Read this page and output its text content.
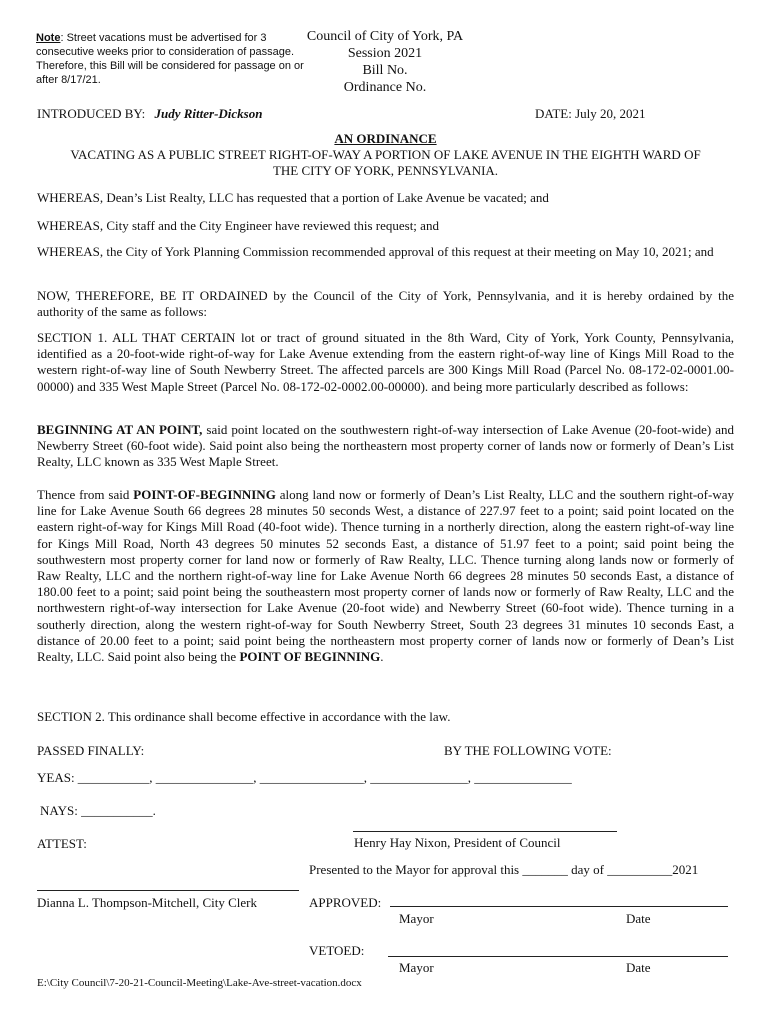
Note: Street vacations must be advertised for 3 consecutive weeks prior to consideration of passage. Therefore, this Bill will be considered for passage on or after 8/17/21.
Council of City of York, PA
Session 2021
Bill No.
Ordinance No.
INTRODUCED BY: Judy Ritter-Dickson	DATE: July 20, 2021
AN ORDINANCE
VACATING AS A PUBLIC STREET RIGHT-OF-WAY A PORTION OF LAKE AVENUE IN THE EIGHTH WARD OF THE CITY OF YORK, PENNSYLVANIA.
WHEREAS, Dean’s List Realty, LLC has requested that a portion of Lake Avenue be vacated; and
WHEREAS, City staff and the City Engineer have reviewed this request; and
WHEREAS, the City of York Planning Commission recommended approval of this request at their meeting on May 10, 2021; and
NOW, THEREFORE, BE IT ORDAINED by the Council of the City of York, Pennsylvania, and it is hereby ordained by the authority of the same as follows:
SECTION 1. ALL THAT CERTAIN lot or tract of ground situated in the 8th Ward, City of York, York County, Pennsylvania, identified as a 20-foot-wide right-of-way for Lake Avenue extending from the eastern right-of-way line of Kings Mill Road to the western right-of-way line of South Newberry Street. The affected parcels are 300 Kings Mill Road (Parcel No. 08-172-02-0001.00-00000) and 335 West Maple Street (Parcel No. 08-172-02-0002.00-00000). and being more particularly described as follows:
BEGINNING AT AN POINT, said point located on the southwestern right-of-way intersection of Lake Avenue (20-foot-wide) and Newberry Street (60-foot wide). Said point also being the northeastern most property corner of lands now or formerly of Dean’s List Realty, LLC known as 335 West Maple Street.
Thence from said POINT-OF-BEGINNING along land now or formerly of Dean’s List Realty, LLC and the southern right-of-way line for Lake Avenue South 66 degrees 28 minutes 50 seconds West, a distance of 227.97 feet to a point; said point located on the eastern right-of-way for Kings Mill Road (40-foot wide). Thence turning in a northerly direction, along the eastern right-of-way line for Kings Mill Road, North 43 degrees 50 minutes 52 seconds East, a distance of 51.97 feet to a point; said point being the southwestern most property corner for land now or formerly of Raw Realty, LLC. Thence turning along lands now or formerly of Raw Realty, LLC and the northern right-of-way line for Lake Avenue North 66 degrees 28 minutes 50 seconds East, a distance of 180.00 feet to a point; said point being the southeastern most property corner of lands now or formerly of Raw Realty, LLC and the northwestern right-of-way intersection for Lake Avenue (20-foot wide) and Newberry Street (60-foot wide). Thence turning in a southerly direction, along the western right-of-way for South Newberry Street, South 23 degrees 31 minutes 10 seconds East, a distance of 20.00 feet to a point; said point being the northeastern most property corner of lands now or formerly of Dean’s List Realty, LLC. Said point also being the POINT OF BEGINNING.
SECTION 2. This ordinance shall become effective in accordance with the law.
PASSED FINALLY:	BY THE FOLLOWING VOTE:
YEAS: ___________, _______________, ________________, _______________, _______________
NAYS: ___________.
ATTEST:	Henry Hay Nixon, President of Council
Presented to the Mayor for approval this _______ day of __________2021
Dianna L. Thompson-Mitchell, City Clerk	APPROVED:
Mayor	Date
VETOED:
Mayor	Date
E:\City Council\7-20-21-Council-Meeting\Lake-Ave-street-vacation.docx
